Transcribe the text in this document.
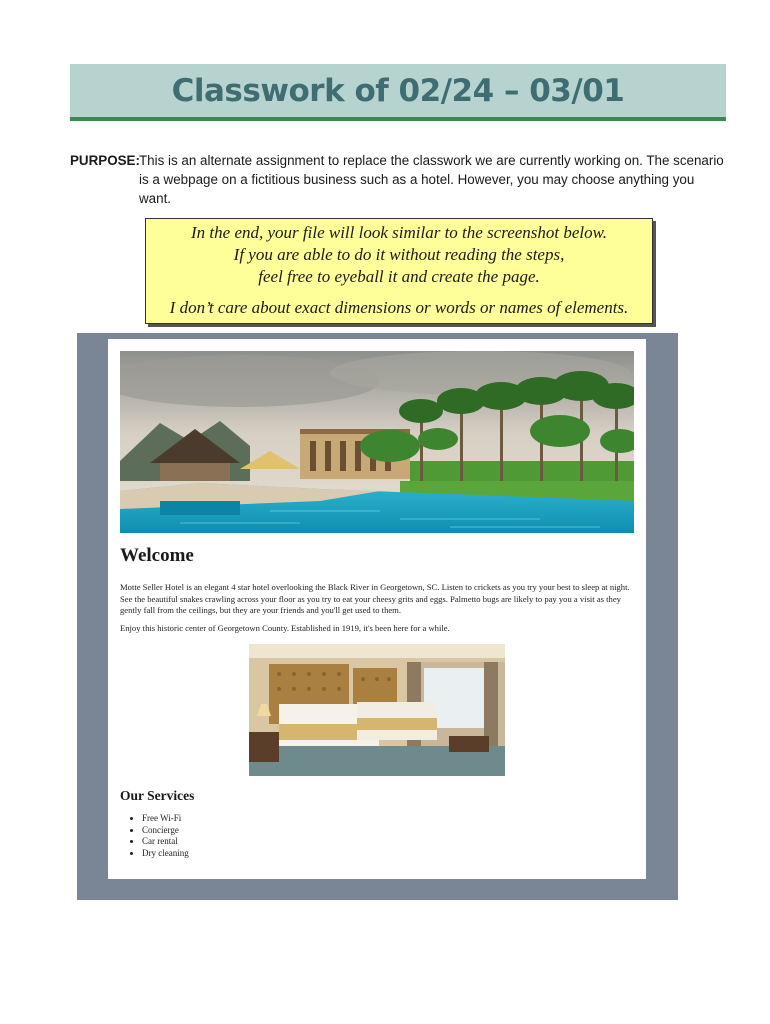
Classwork of 02/24 – 03/01
PURPOSE: This is an alternate assignment to replace the classwork we are currently working on. The scenario is a webpage on a fictitious business such as a hotel. However, you may choose anything you want.
In the end, your file will look similar to the screenshot below.
If you are able to do it without reading the steps,
feel free to eyeball it and create the page.
I don’t care about exact dimensions or words or names of elements.
Welcome

Motte Seller Hotel is an elegant 4 star hotel overlooking the Black River in Georgetown, SC. Listen to crickets as you try your best to sleep at night. See the beautiful snakes crawling across your floor as you try to eat your cheesy grits and eggs. Palmetto bugs are likely to pay you a visit as they gently fall from the ceilings, but they are your friends and you'll get used to them.

Enjoy this historic center of Georgetown County. Established in 1919, it's been here for a while.

Our Services
• Free Wi-Fi
• Concierge
• Car rental
• Dry cleaning
